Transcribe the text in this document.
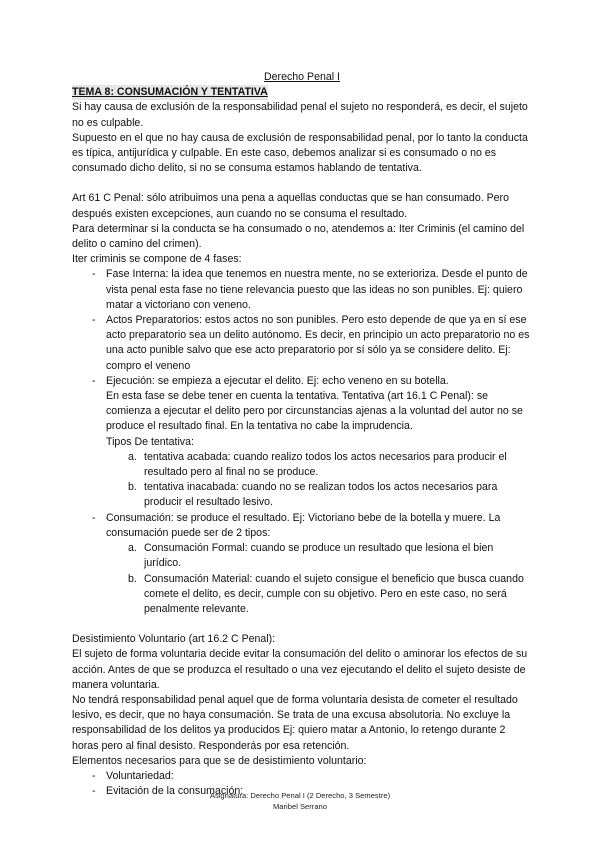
Derecho Penal I

TEMA 8: CONSUMACIÓN Y TENTATIVA

Si hay causa de exclusión de la responsabilidad penal el sujeto no responderá, es decir, el sujeto no es culpable.

Supuesto en el que no hay causa de exclusión de responsabilidad penal, por lo tanto la conducta es típica, antijurídica y culpable. En este caso, debemos analizar si es consumado o no es consumado dicho delito, si no se consuma estamos hablando de tentativa.

Art 61 C Penal: sólo atribuimos una pena a aquellas conductas que se han consumado. Pero después existen excepciones, aun cuando no se consuma el resultado.

Para determinar si la conducta se ha consumado o no, atendemos a: Iter Criminis (el camino del delito o camino del crimen).

Iter criminis se compone de 4 fases:

- Fase Interna: la idea que tenemos en nuestra mente, no se exterioriza. Desde el punto de vista penal esta fase no tiene relevancia puesto que las ideas no son punibles. Ej: quiero matar a victoriano con veneno.
- Actos Preparatorios: estos actos no son punibles. Pero esto depende de que ya en sí ese acto preparatorio sea un delito autónomo. Es decir, en principio un acto preparatorio no es una acto punible salvo que ese acto preparatorio por sí sólo ya se considere delito. Ej: compro el veneno
- Ejecución: se empieza a ejecutar el delito. Ej: echo veneno en su botella.
En esta fase se debe tener en cuenta la tentativa. Tentativa (art 16.1 C Penal): se comienza a ejecutar el delito pero por circunstancias ajenas a la voluntad del autor no se produce el resultado final. En la tentativa no cabe la imprudencia.
Tipos De tentativa:
a. tentativa acabada: cuando realizo todos los actos necesarios para producir el resultado pero al final no se produce.
b. tentativa inacabada: cuando no se realizan todos los actos necesarios para producir el resultado lesivo.
- Consumación: se produce el resultado. Ej: Victoriano bebe de la botella y muere. La consumación puede ser de 2 tipos:
a. Consumación Formal: cuando se produce un resultado que lesiona el bien jurídico.
b. Consumación Material: cuando el sujeto consigue el beneficio que busca cuando comete el delito, es decir, cumple con su objetivo. Pero en este caso, no será penalmente relevante.

Desistimiento Voluntario (art 16.2 C Penal):

El sujeto de forma voluntaria decide evitar la consumación del delito o aminorar los efectos de su acción. Antes de que se produzca el resultado o una vez ejecutando el delito el sujeto desiste de manera voluntaria.

No tendrá responsabilidad penal aquel que de forma voluntaria desista de cometer el resultado lesivo, es decir, que no haya consumación. Se trata de una excusa absolutoria. No excluye la responsabilidad de los delitos ya producidos Ej: quiero matar a Antonio, lo retengo durante 2 horas pero al final desisto. Responderás por esa retención.

Elementos necesarios para que se de desistimiento voluntario:

- Voluntariedad:
- Evitación de la consumación:
Asignatura: Derecho Penal I (2 Derecho, 3 Semestre)
Maribel Serrano
